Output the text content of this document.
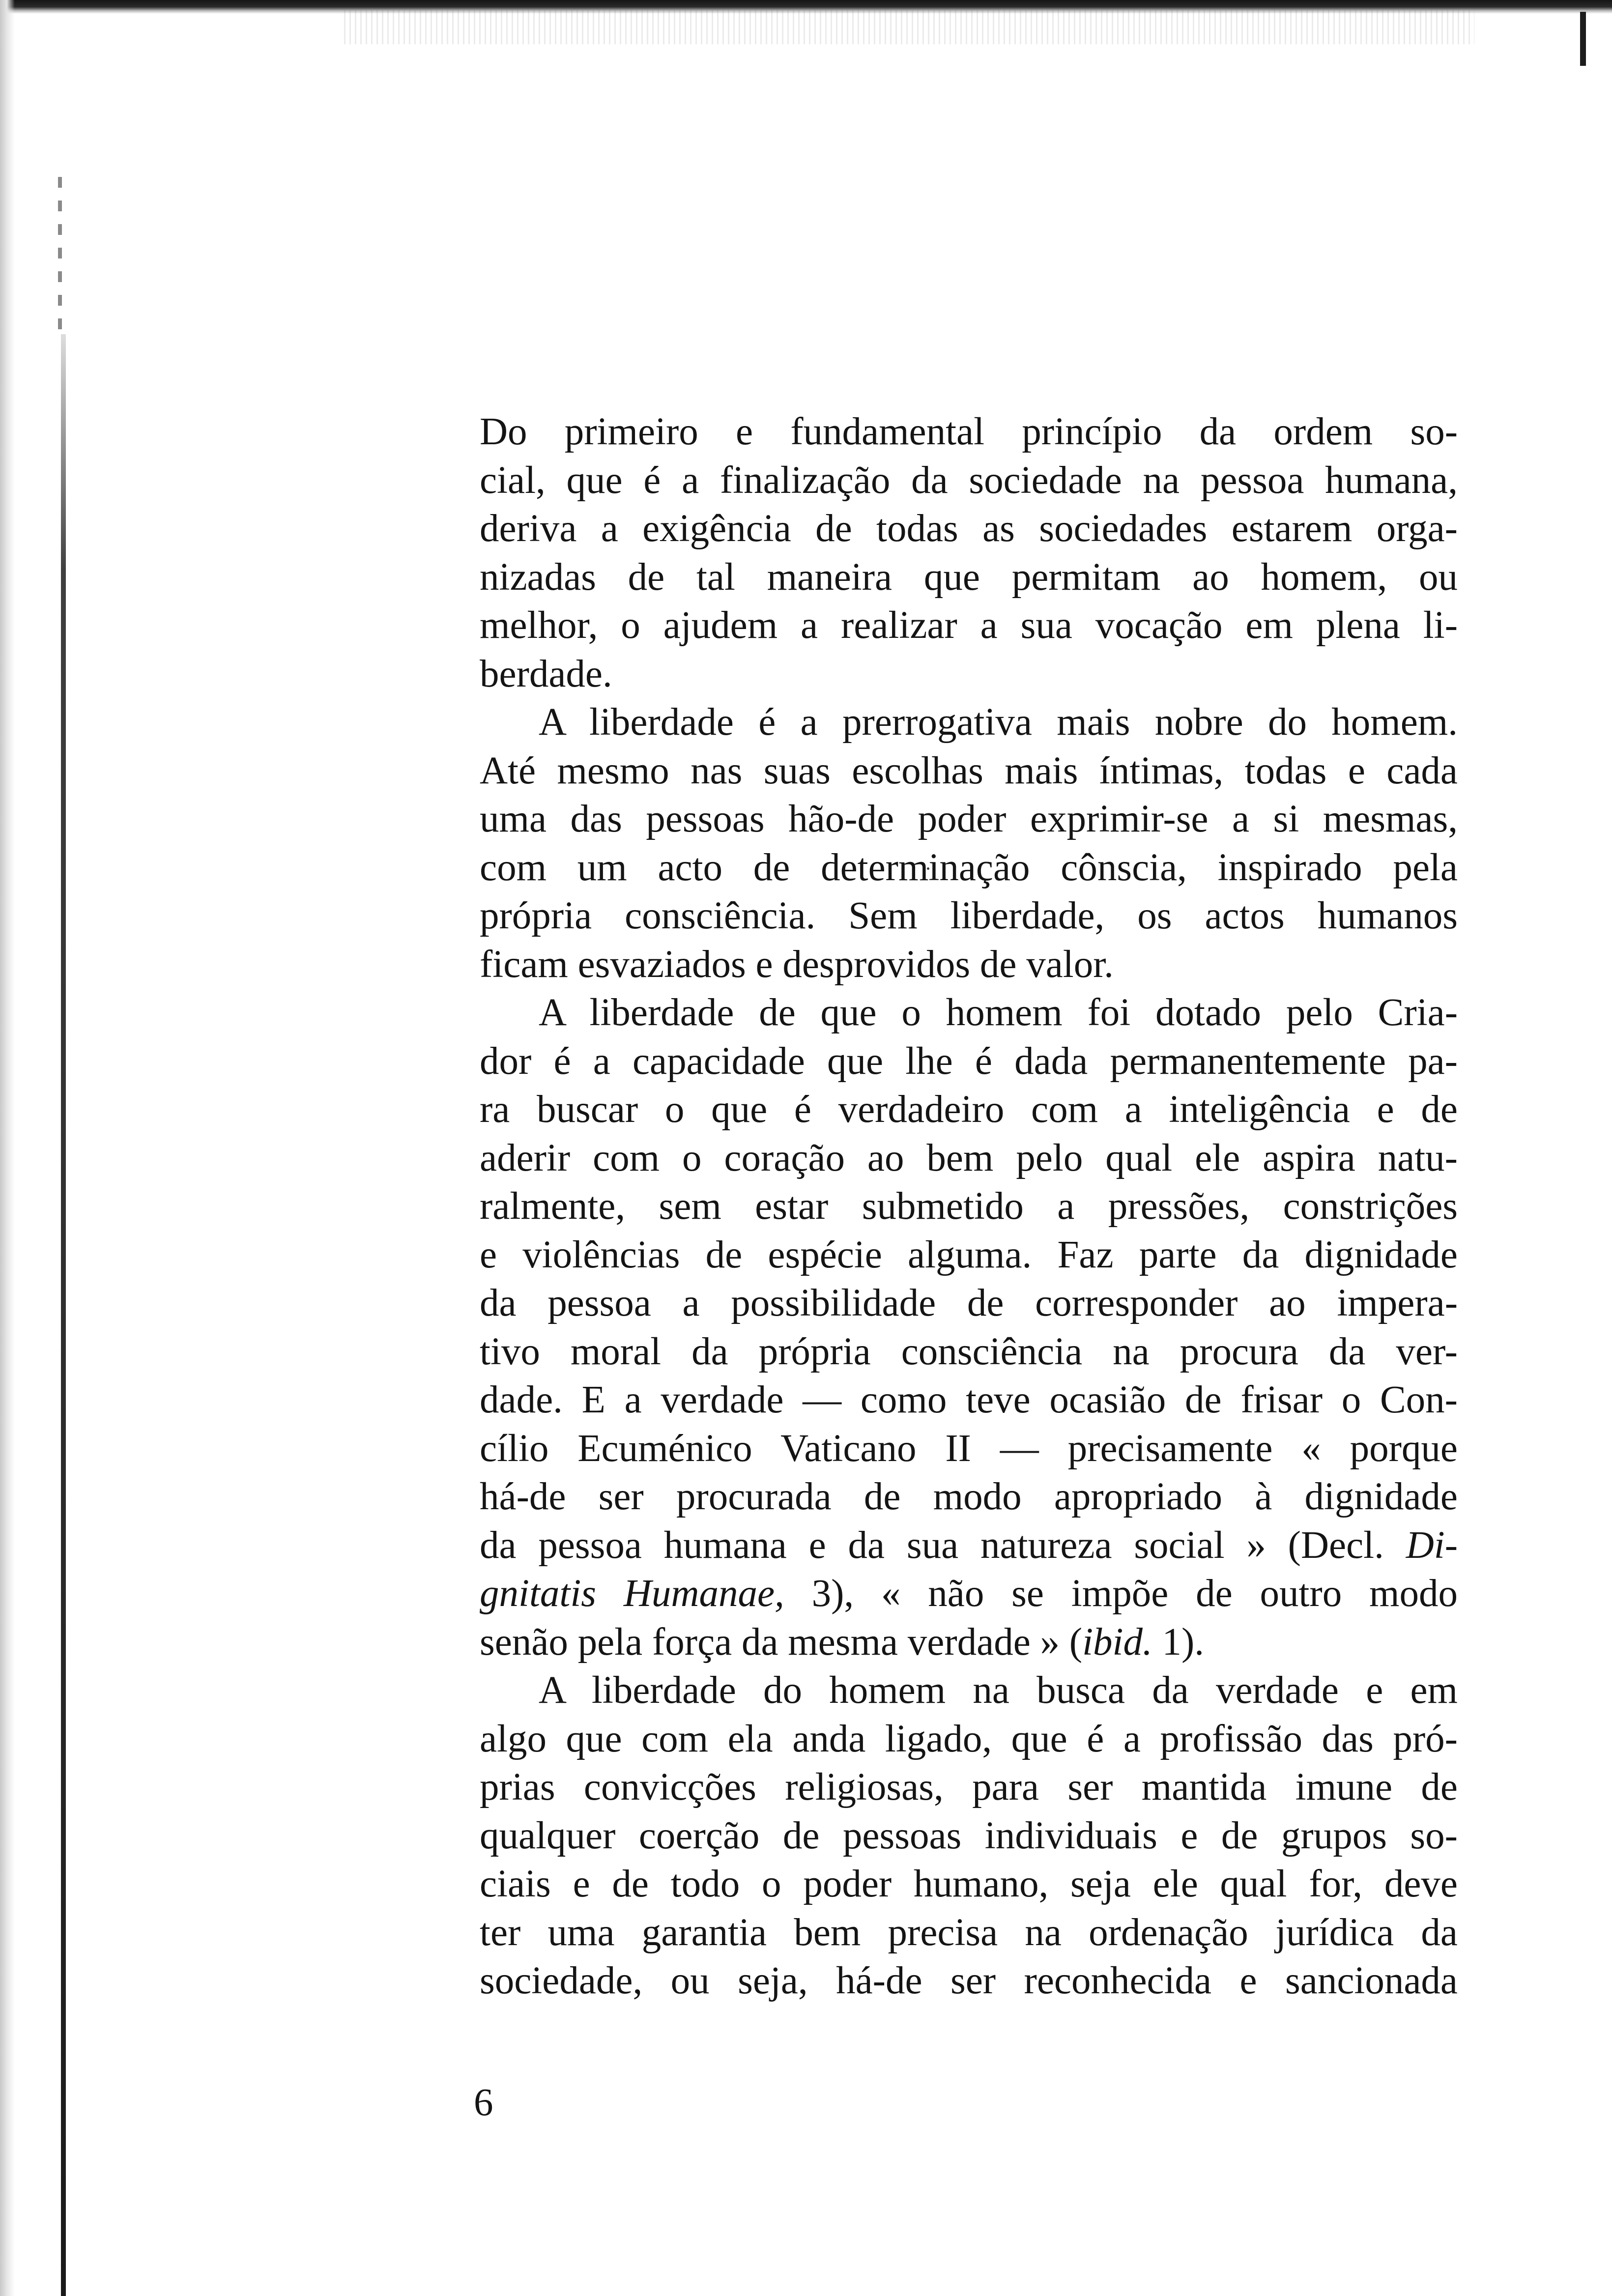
Do primeiro e fundamental princípio da ordem so-
cial, que é a finalização da sociedade na pessoa humana,
deriva a exigência de todas as sociedades estarem orga-
nizadas de tal maneira que permitam ao homem, ou
melhor, o ajudem a realizar a sua vocação em plena li-
berdade.
A liberdade é a prerrogativa mais nobre do homem.
Até mesmo nas suas escolhas mais íntimas, todas e cada
uma das pessoas hão-de poder exprimir-se a si mesmas,
com um acto de determinação cônscia, inspirado pela
própria consciência. Sem liberdade, os actos humanos
ficam esvaziados e desprovidos de valor.
A liberdade de que o homem foi dotado pelo Cria-
dor é a capacidade que lhe é dada permanentemente pa-
ra buscar o que é verdadeiro com a inteligência e de
aderir com o coração ao bem pelo qual ele aspira natu-
ralmente, sem estar submetido a pressões, constrições
e violências de espécie alguma. Faz parte da dignidade
da pessoa a possibilidade de corresponder ao impera-
tivo moral da própria consciência na procura da ver-
dade. E a verdade — como teve ocasião de frisar o Con-
cílio Ecuménico Vaticano II — precisamente « porque
há-de ser procurada de modo apropriado à dignidade
da pessoa humana e da sua natureza social » (Decl. Di-
gnitatis Humanae, 3), « não se impõe de outro modo
senão pela força da mesma verdade » (ibid. 1).
A liberdade do homem na busca da verdade e em
algo que com ela anda ligado, que é a profissão das pró-
prias convicções religiosas, para ser mantida imune de
qualquer coerção de pessoas individuais e de grupos so-
ciais e de todo o poder humano, seja ele qual for, deve
ter uma garantia bem precisa na ordenação jurídica da
sociedade, ou seja, há-de ser reconhecida e sancionada
6
